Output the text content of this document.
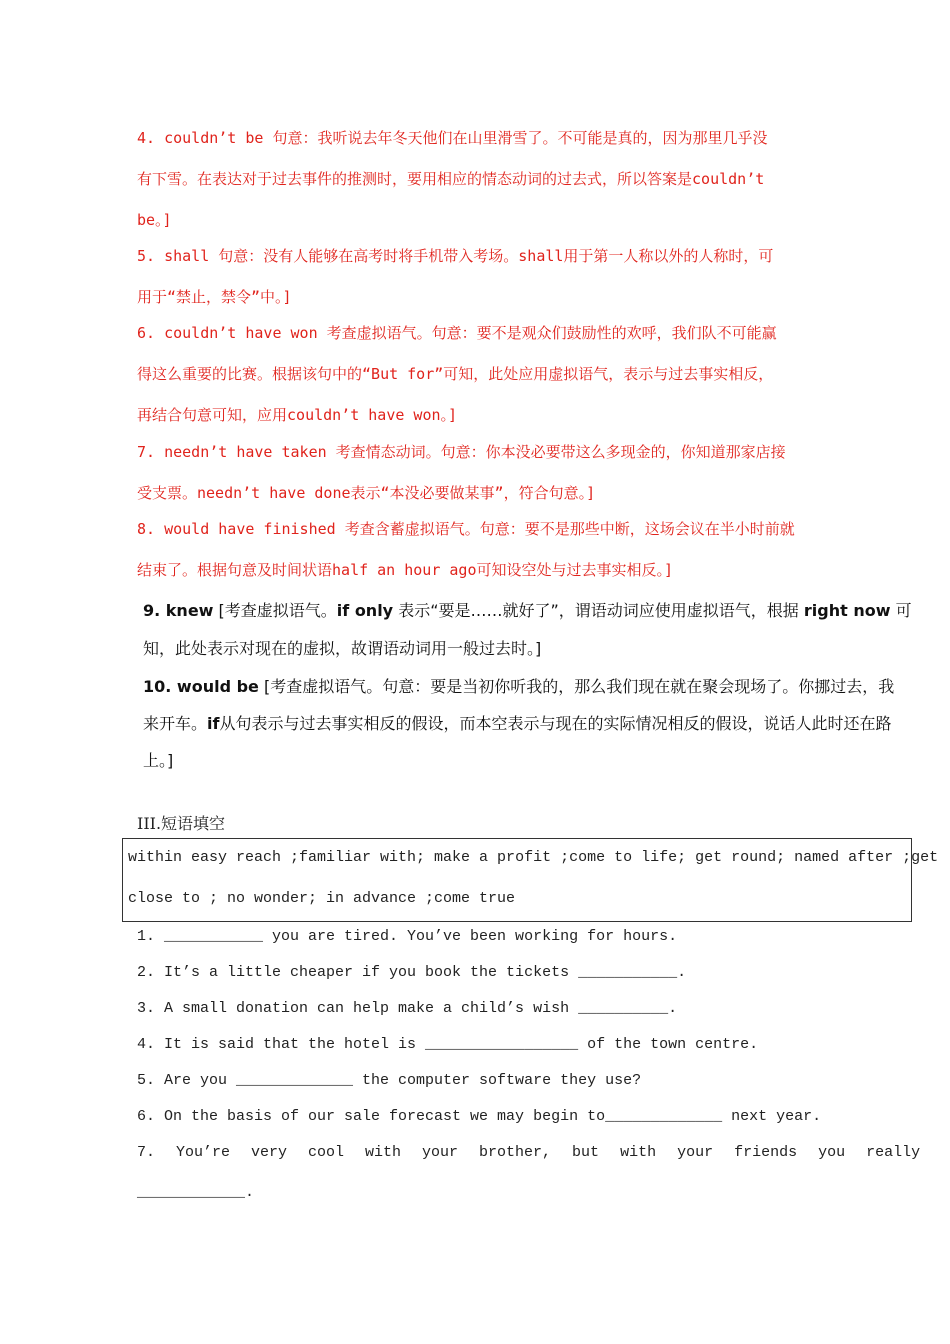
4. couldn’t be 句意：我听说去年冬天他们在山里滑雪了。不可能是真的，因为那里几乎没
有下雪。在表达对于过去事件的推测时，要用相应的情态动词的过去式，所以答案是couldn’t
be。]
5. shall 句意：没有人能够在高考时将手机带入考场。shall用于第一人称以外的人称时，可
用于“禁止，禁令”中。]
6. couldn’t have won 考查虚拟语气。句意：要不是观众们鼓励性的欢呼，我们队不可能赢
得这么重要的比赛。根据该句中的“But for”可知，此处应用虚拟语气，表示与过去事实相反，
再结合句意可知，应用couldn’t have won。]
7. needn’t have taken 考查情态动词。句意：你本没必要带这么多现金的，你知道那家店接
受支票。needn’t have done表示“本没必要做某事”，符合句意。]
8. would have finished 考查含蓄虚拟语气。句意：要不是那些中断，这场会议在半小时前就
结束了。根据句意及时间状语half an hour ago可知设空处与过去事实相反。]
9. knew [考查虚拟语气。if only 表示“要是……就好了”，谓语动词应使用虚拟语气，根据 right now 可
知，此处表示对现在的虚拟，故谓语动词用一般过去时。]
10. would be [考查虚拟语气。句意：要是当初你听我的，那么我们现在就在聚会现场了。你挪过去，我
来开车。if从句表示与过去事实相反的假设，而本空表示与现在的实际情况相反的假设，说话人此时还在路
上。]
III.短语填空
within easy reach ;familiar with; make a profit ;come to life; get round; named after ;get
close to ; no wonder; in advance ;come true
1. ___________ you are tired. You’ve been working for hours.
2. It’s a little cheaper if you book the tickets ___________.
3. A small donation can help make a child’s wish __________.
4. It is said that the hotel is _________________ of the town centre.
5. Are you _____________ the computer software they use?
6. On the basis of our sale forecast we may begin to_____________ next year.
7. You’re very cool with your brother, but with your friends you really
____________.
